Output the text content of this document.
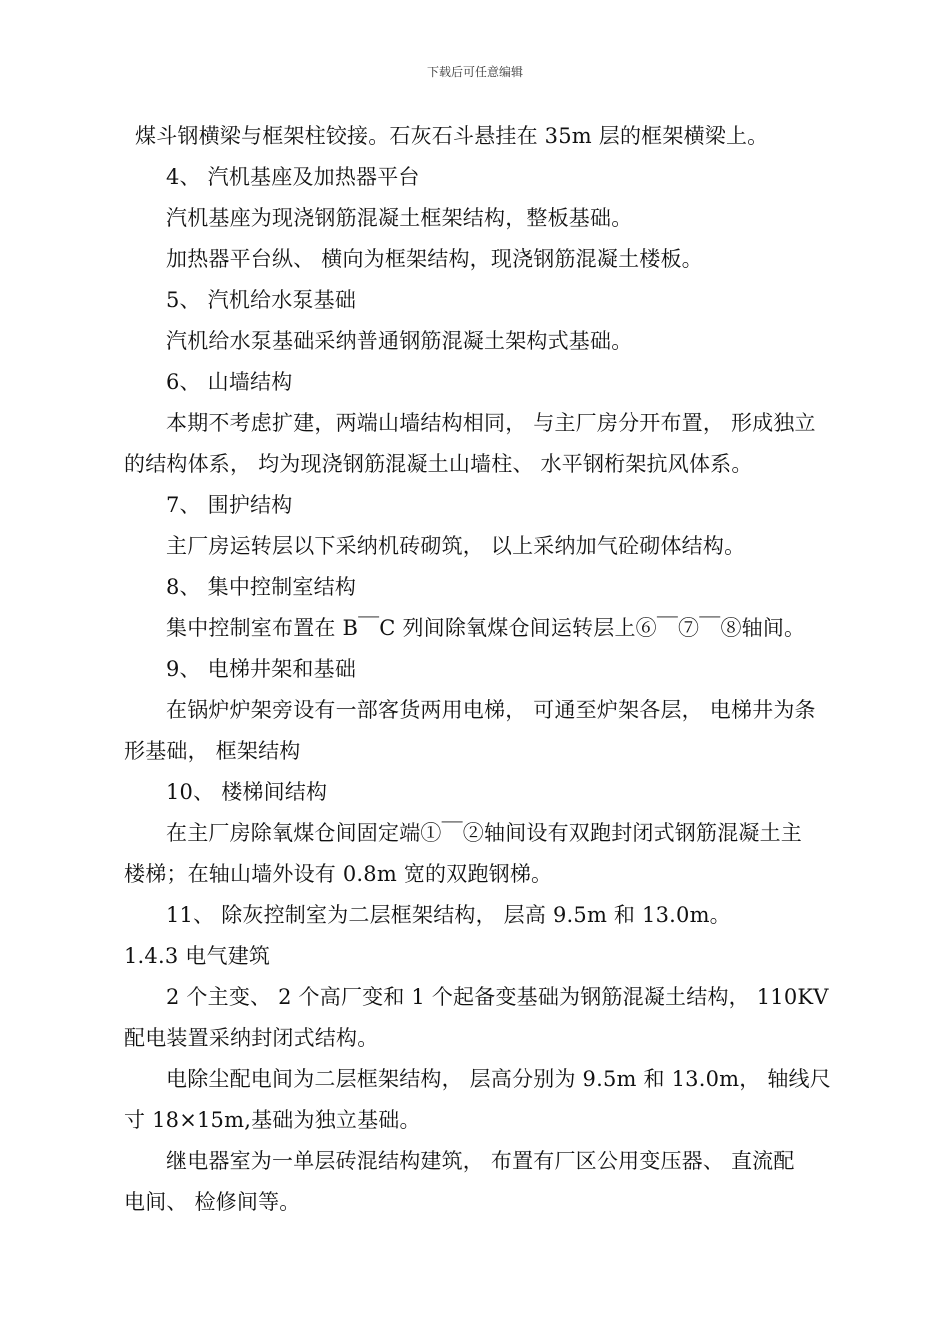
下载后可任意编辑
煤斗钢横梁与框架柱铰接。石灰石斗悬挂在 35m 层的框架横梁上。
4、 汽机基座及加热器平台
汽机基座为现浇钢筋混凝土框架结构，整板基础。
加热器平台纵、 横向为框架结构，现浇钢筋混凝土楼板。
5、 汽机给水泵基础
汽机给水泵基础采纳普通钢筋混凝土架构式基础。
6、 山墙结构
本期不考虑扩建，两端山墙结构相同， 与主厂房分开布置， 形成独立
的结构体系， 均为现浇钢筋混凝土山墙柱、 水平钢桁架抗风体系。
7、 围护结构
主厂房运转层以下采纳机砖砌筑， 以上采纳加气砼砌体结构。
8、 集中控制室结构
集中控制室布置在 B￣C 列间除氧煤仓间运转层上⑥￣⑦￣⑧轴间。
9、 电梯井架和基础
在锅炉炉架旁设有一部客货两用电梯， 可通至炉架各层， 电梯井为条
形基础， 框架结构
10、 楼梯间结构
在主厂房除氧煤仓间固定端①￣②轴间设有双跑封闭式钢筋混凝土主
楼梯；在轴山墙外设有 0.8m 宽的双跑钢梯。
11、 除灰控制室为二层框架结构， 层高 9.5m 和 13.0m。
1.4.3 电气建筑
2 个主变、 2 个高厂变和 1 个起备变基础为钢筋混凝土结构， 110KV
配电装置采纳封闭式结构。
电除尘配电间为二层框架结构， 层高分别为 9.5m 和 13.0m， 轴线尺
寸 18×15m,基础为独立基础。
继电器室为一单层砖混结构建筑， 布置有厂区公用变压器、 直流配
电间、 检修间等。
